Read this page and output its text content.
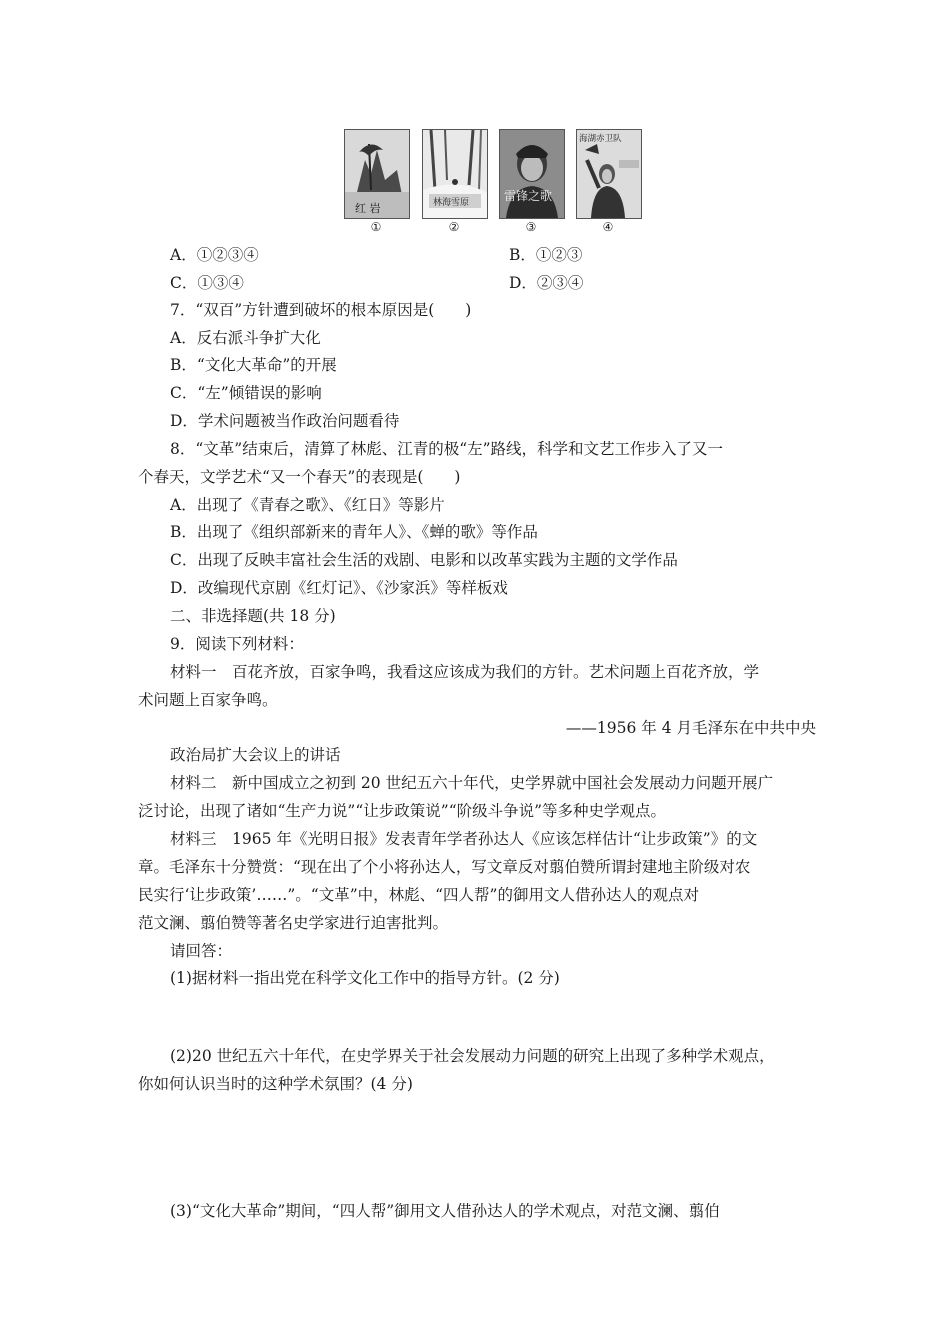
红 岩
①
林海雪原
②
雷锋之歌
③
海湖赤卫队
④
A．①②③④	B．①②③
C．①③④	D．②③④
7．“双百”方针遭到破坏的根本原因是(　　)
A．反右派斗争扩大化
B．“文化大革命”的开展
C．“左”倾错误的影响
D．学术问题被当作政治问题看待
8．“文革”结束后，清算了林彪、江青的极“左”路线，科学和文艺工作步入了又一
个春天，文学艺术“又一个春天”的表现是(　　)
A．出现了《青春之歌》、《红日》等影片
B．出现了《组织部新来的青年人》、《蝉的歌》等作品
C．出现了反映丰富社会生活的戏剧、电影和以改革实践为主题的文学作品
D．改编现代京剧《红灯记》、《沙家浜》等样板戏
二、非选择题(共 18 分)
9．阅读下列材料：
材料一　百花齐放，百家争鸣，我看这应该成为我们的方针。艺术问题上百花齐放，学
术问题上百家争鸣。
——1956 年 4 月毛泽东在中共中央
政治局扩大会议上的讲话
材料二　新中国成立之初到 20 世纪五六十年代，史学界就中国社会发展动力问题开展广
泛讨论，出现了诸如“生产力说”“让步政策说”“阶级斗争说”等多种史学观点。
材料三　1965 年《光明日报》发表青年学者孙达人《应该怎样估计“让步政策”》的文
章。毛泽东十分赞赏：“现在出了个小将孙达人，写文章反对翦伯赞所谓封建地主阶级对农
民实行‘让步政策’……”。“文革”中，林彪、“四人帮”的御用文人借孙达人的观点对
范文澜、翦伯赞等著名史学家进行迫害批判。
请回答：
(1)据材料一指出党在科学文化工作中的指导方针。(2 分)
(2)20 世纪五六十年代，在史学界关于社会发展动力问题的研究上出现了多种学术观点，
你如何认识当时的这种学术氛围？(4 分)
(3)“文化大革命”期间，“四人帮”御用文人借孙达人的学术观点，对范文澜、翦伯
